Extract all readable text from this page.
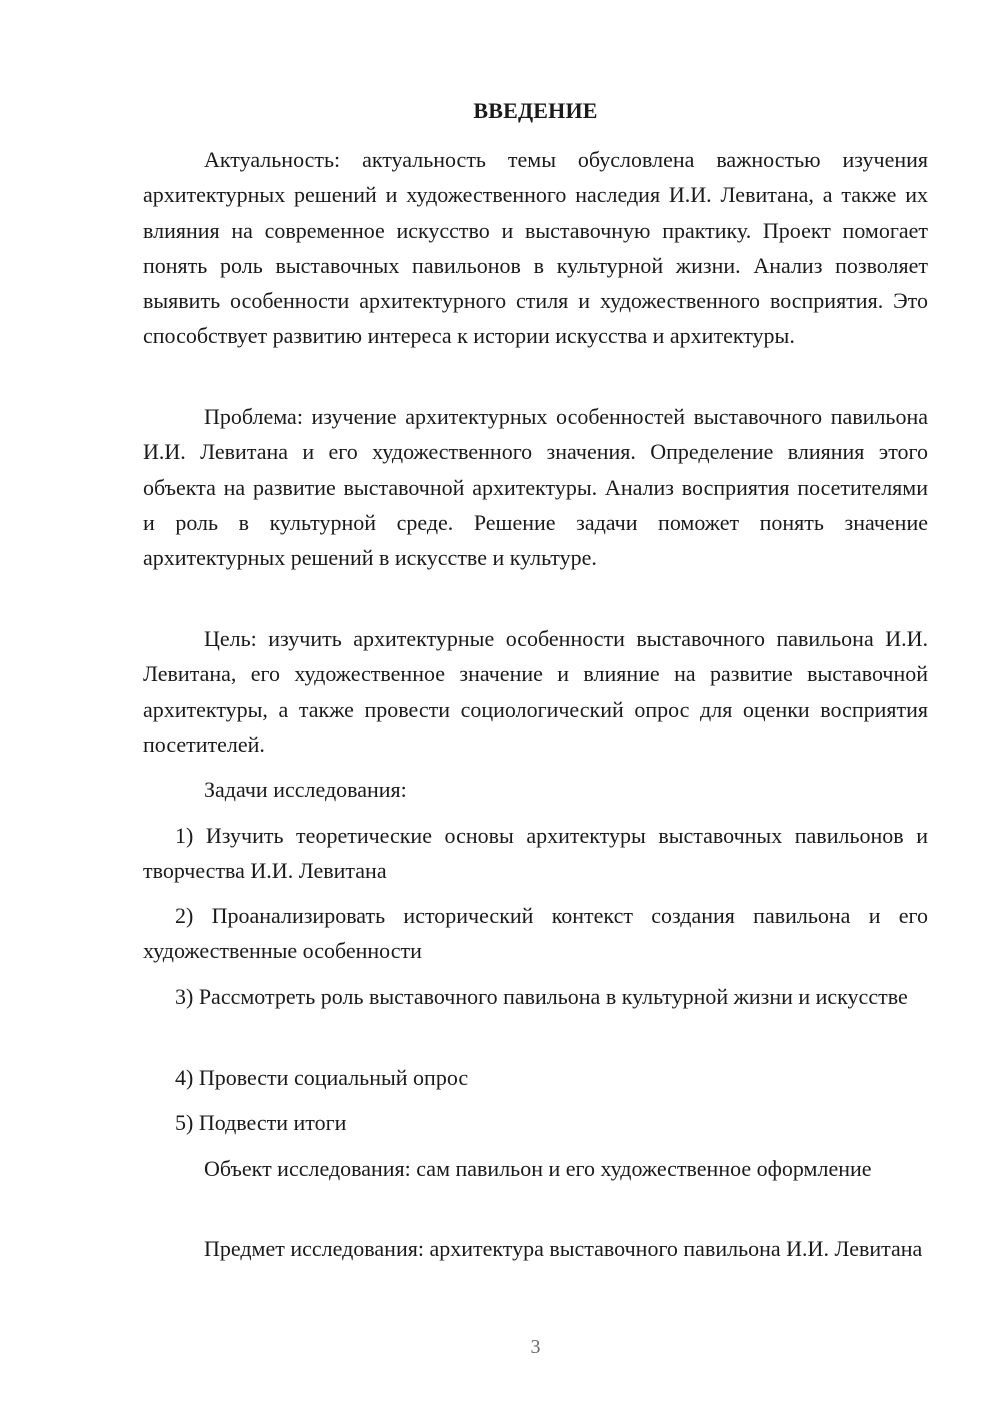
ВВЕДЕНИЕ

Актуальность: актуальность темы обусловлена важностью изучения архитектурных решений и художественного наследия И.И. Левитана, а также их влияния на современное искусство и выставочную практику. Проект помогает понять роль выставочных павильонов в культурной жизни. Анализ позволяет выявить особенности архитектурного стиля и художественного восприятия. Это способствует развитию интереса к истории искусства и архитектуры.

Проблема: изучение архитектурных особенностей выставочного павильона И.И. Левитана и его художественного значения. Определение влияния этого объекта на развитие выставочной архитектуры. Анализ восприятия посетителями и роль в культурной среде. Решение задачи поможет понять значение архитектурных решений в искусстве и культуре.

Цель: изучить архитектурные особенности выставочного павильона И.И. Левитана, его художественное значение и влияние на развитие выставочной архитектуры, а также провести социологический опрос для оценки восприятия посетителей.

Задачи исследования:

1) Изучить теоретические основы архитектуры выставочных павильонов и творчества И.И. Левитана

2) Проанализировать исторический контекст создания павильона и его художественные особенности

3) Рассмотреть роль выставочного павильона в культурной жизни и искусстве

4) Провести социальный опрос

5) Подвести итоги

Объект исследования: сам павильон и его художественное оформление

Предмет исследования: архитектура выставочного павильона И.И. Левитана

3
